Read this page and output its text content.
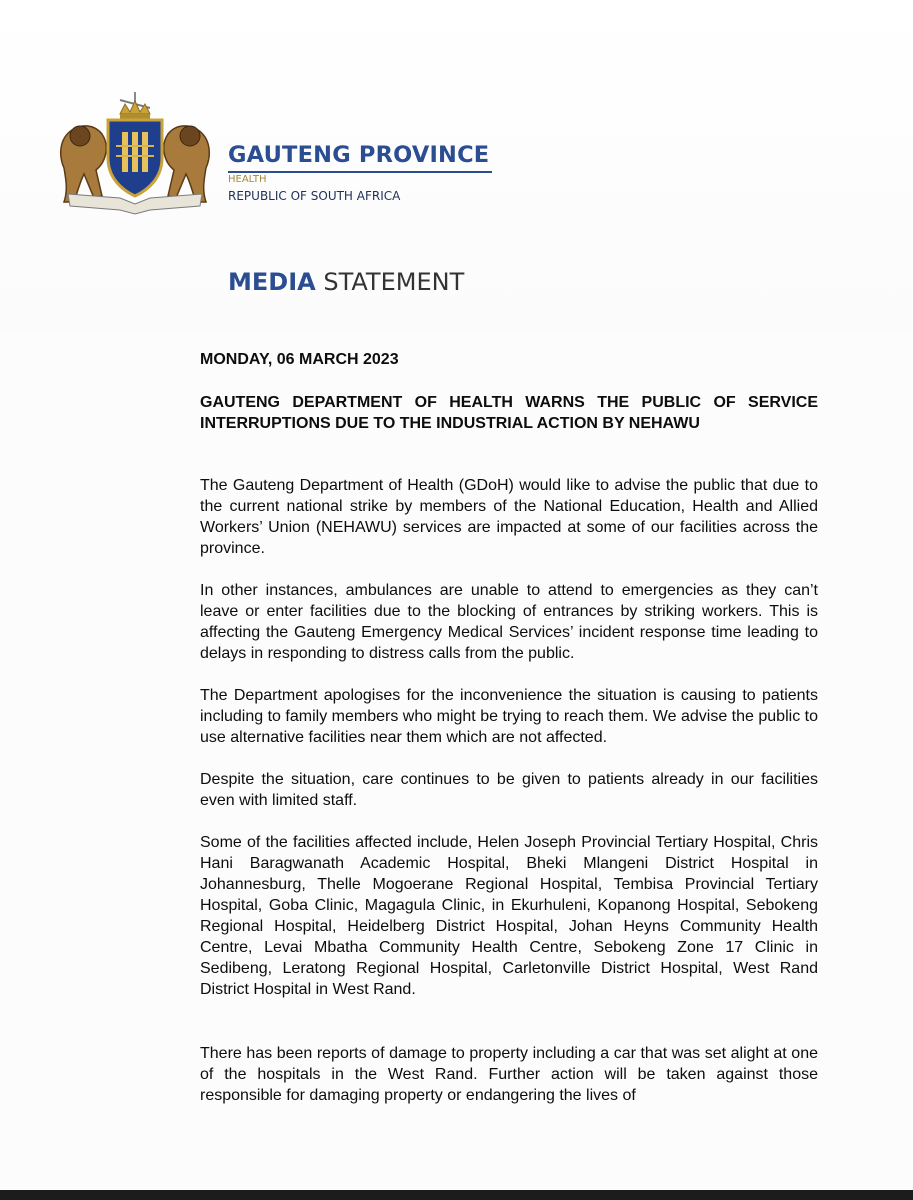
GAUTENG PROVINCE
HEALTH
REPUBLIC OF SOUTH AFRICA
MEDIA STATEMENT
MONDAY, 06 MARCH 2023

GAUTENG DEPARTMENT OF HEALTH WARNS THE PUBLIC OF SERVICE INTERRUPTIONS DUE TO THE INDUSTRIAL ACTION BY NEHAWU

The Gauteng Department of Health (GDoH) would like to advise the public that due to the current national strike by members of the National Education, Health and Allied Workers’ Union (NEHAWU) services are impacted at some of our facilities across the province.

In other instances, ambulances are unable to attend to emergencies as they can’t leave or enter facilities due to the blocking of entrances by striking workers. This is affecting the Gauteng Emergency Medical Services’ incident response time leading to delays in responding to distress calls from the public.

The Department apologises for the inconvenience the situation is causing to patients including to family members who might be trying to reach them. We advise the public to use alternative facilities near them which are not affected.

Despite the situation, care continues to be given to patients already in our facilities even with limited staff.

Some of the facilities affected include, Helen Joseph Provincial Tertiary Hospital, Chris Hani Baragwanath Academic Hospital, Bheki Mlangeni District Hospital in Johannesburg, Thelle Mogoerane Regional Hospital, Tembisa Provincial Tertiary Hospital, Goba Clinic, Magagula Clinic, in Ekurhuleni, Kopanong Hospital, Sebokeng Regional Hospital, Heidelberg District Hospital, Johan Heyns Community Health Centre, Levai Mbatha Community Health Centre, Sebokeng Zone 17 Clinic in Sedibeng, Leratong Regional Hospital, Carletonville District Hospital, West Rand District Hospital in West Rand.

There has been reports of damage to property including a car that was set alight at one of the hospitals in the West Rand. Further action will be taken against those responsible for damaging property or endangering the lives of
